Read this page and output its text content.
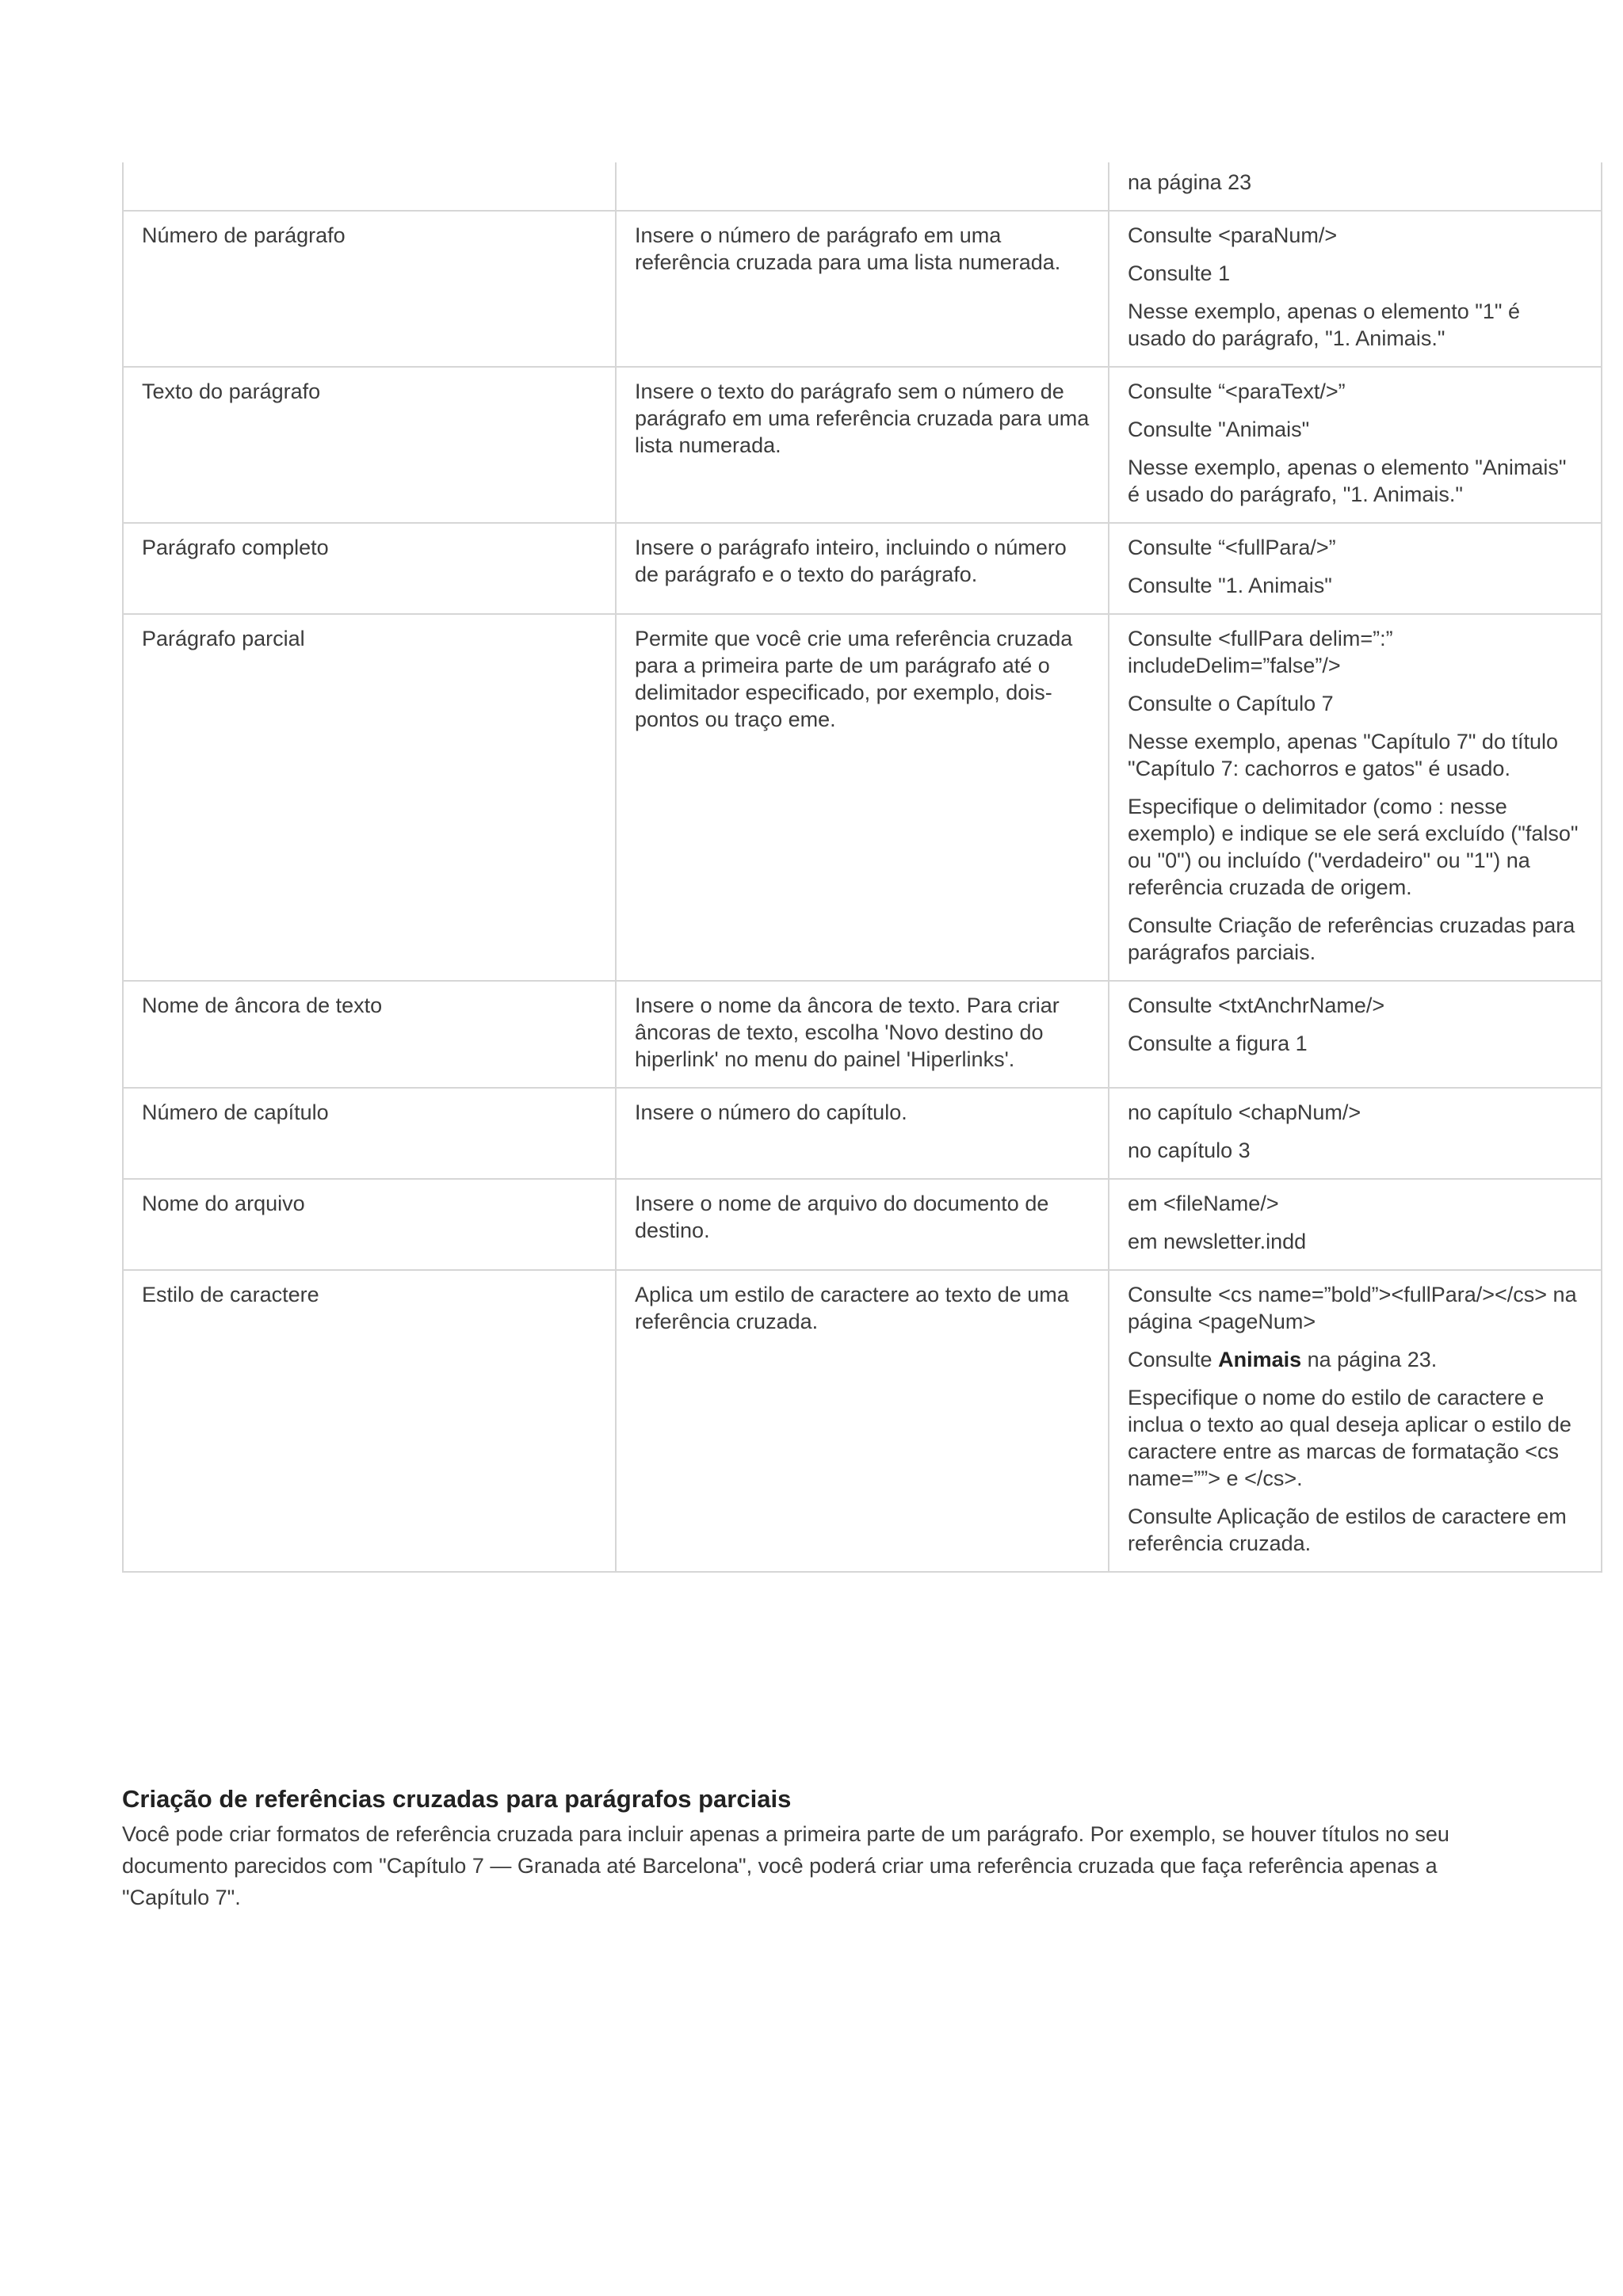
		na página 23

Número de parágrafo	Insere o número de parágrafo em uma referência cruzada para uma lista numerada.	Consulte <paraNum/>
Consulte 1
Nesse exemplo, apenas o elemento "1" é usado do parágrafo, "1. Animais."

Texto do parágrafo	Insere o texto do parágrafo sem o número de parágrafo em uma referência cruzada para uma lista numerada.	Consulte “<paraText/>”
Consulte "Animais"
Nesse exemplo, apenas o elemento "Animais" é usado do parágrafo, "1. Animais."

Parágrafo completo	Insere o parágrafo inteiro, incluindo o número de parágrafo e o texto do parágrafo.	Consulte “<fullPara/>”
Consulte "1. Animais"

Parágrafo parcial	Permite que você crie uma referência cruzada para a primeira parte de um parágrafo até o delimitador especificado, por exemplo, dois-pontos ou traço eme.	Consulte <fullPara delim=”:” includeDelim=”false”/>
Consulte o Capítulo 7
Nesse exemplo, apenas "Capítulo 7" do título "Capítulo 7: cachorros e gatos" é usado.
Especifique o delimitador (como : nesse exemplo) e indique se ele será excluído ("falso" ou "0") ou incluído ("verdadeiro" ou "1") na referência cruzada de origem.
Consulte Criação de referências cruzadas para parágrafos parciais.

Nome de âncora de texto	Insere o nome da âncora de texto. Para criar âncoras de texto, escolha 'Novo destino do hiperlink' no menu do painel 'Hiperlinks'.	Consulte <txtAnchrName/>
Consulte a figura 1

Número de capítulo	Insere o número do capítulo.	no capítulo <chapNum/>
no capítulo 3

Nome do arquivo	Insere o nome de arquivo do documento de destino.	em <fileName/>
em newsletter.indd

Estilo de caractere	Aplica um estilo de caractere ao texto de uma referência cruzada.	Consulte <cs name=”bold”><fullPara/></cs> na página <pageNum>
Consulte Animais na página 23.
Especifique o nome do estilo de caractere e inclua o texto ao qual deseja aplicar o estilo de caractere entre as marcas de formatação <cs name=””> e </cs>.
Consulte Aplicação de estilos de caractere em referência cruzada.
Criação de referências cruzadas para parágrafos parciais

Você pode criar formatos de referência cruzada para incluir apenas a primeira parte de um parágrafo. Por exemplo, se houver títulos no seu documento parecidos com "Capítulo 7 — Granada até Barcelona", você poderá criar uma referência cruzada que faça referência apenas a "Capítulo 7".
